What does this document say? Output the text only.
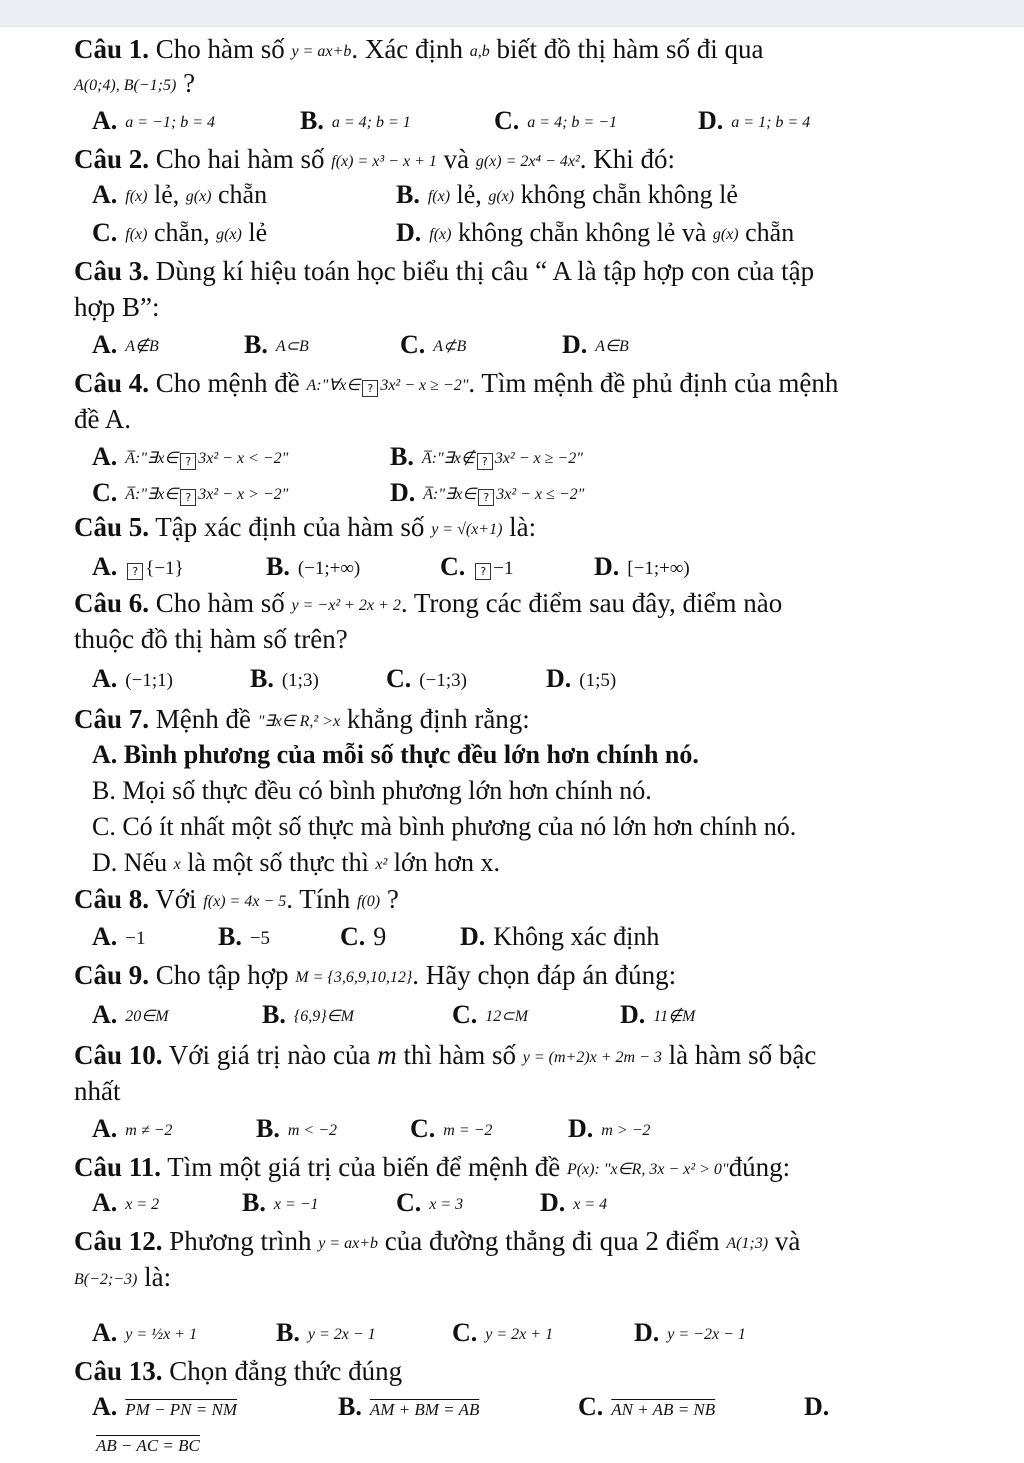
Câu 1. Cho hàm số y = ax+b. Xác định a,b biết đồ thị hàm số đi qua
A(0;4), B(−1;5) ?
A. a = −1; b = 4	B. a = 4; b = 1	C. a = 4; b = −1	D. a = 1; b = 4
Câu 2. Cho hai hàm số f(x) = x³ − x + 1 và g(x) = 2x⁴ − 4x². Khi đó:
A. f(x) lẻ, g(x) chẵn	B. f(x) lẻ, g(x) không chẵn không lẻ
C. f(x) chẵn, g(x) lẻ	D. f(x) không chẵn không lẻ và g(x) chẵn
Câu 3. Dùng kí hiệu toán học biểu thị câu “ A là tập hợp con của tập
hợp B”:
A. A∉B	B. A⊂B	C. A⊄B	D. A∈B
Câu 4. Cho mệnh đề A:"∀x∈ ? 3x² − x ≥ −2". Tìm mệnh đề phủ định của mệnh
đề A.
A. A̅:"∃x∈ ? 3x² − x < −2"	B. A̅:"∃x∉ ? 3x² − x ≥ −2"
C. A̅:"∃x∈ ? 3x² − x > −2"	D. A̅:"∃x∈ ? 3x² − x ≤ −2"
Câu 5. Tập xác định của hàm số y = √(x+1) là:
A. ? {−1}	B. (−1;+∞)	C. ? −1	D. [−1;+∞)
Câu 6. Cho hàm số y = −x² + 2x + 2. Trong các điểm sau đây, điểm nào
thuộc đồ thị hàm số trên?
A. (−1;1)	B. (1;3)	C. (−1;3)	D. (1;5)
Câu 7. Mệnh đề "∃x∈ R,² >x khẳng định rằng:
A. Bình phương của mỗi số thực đều lớn hơn chính nó.
B. Mọi số thực đều có bình phương lớn hơn chính nó.
C. Có ít nhất một số thực mà bình phương của nó lớn hơn chính nó.
D. Nếu x là một số thực thì x² lớn hơn x.
Câu 8. Với f(x) = 4x − 5. Tính f(0) ?
A. −1	B. −5	C. 9	D. Không xác định
Câu 9. Cho tập hợp M = {3,6,9,10,12}. Hãy chọn đáp án đúng:
A. 20∈M	B. {6,9}∈M	C. 12⊂M	D. 11∉M
Câu 10. Với giá trị nào của m thì hàm số y = (m+2)x + 2m − 3 là hàm số bậc
nhất
A. m ≠ −2	B. m < −2	C. m = −2	D. m > −2
Câu 11. Tìm một giá trị của biến để mệnh đề P(x): "x∈R, 3x − x² > 0"đúng:
A. x = 2	B. x = −1	C. x = 3	D. x = 4
Câu 12. Phương trình y = ax+b của đường thẳng đi qua 2 điểm A(1;3) và
B(−2;−3) là:
A. y = ½x + 1	B. y = 2x − 1	C. y = 2x + 1	D. y = −2x − 1
Câu 13. Chọn đẳng thức đúng
A. PM − PN = NM	B. AM + BM = AB	C. AN + AB = NB	D.
AB − AC = BC
